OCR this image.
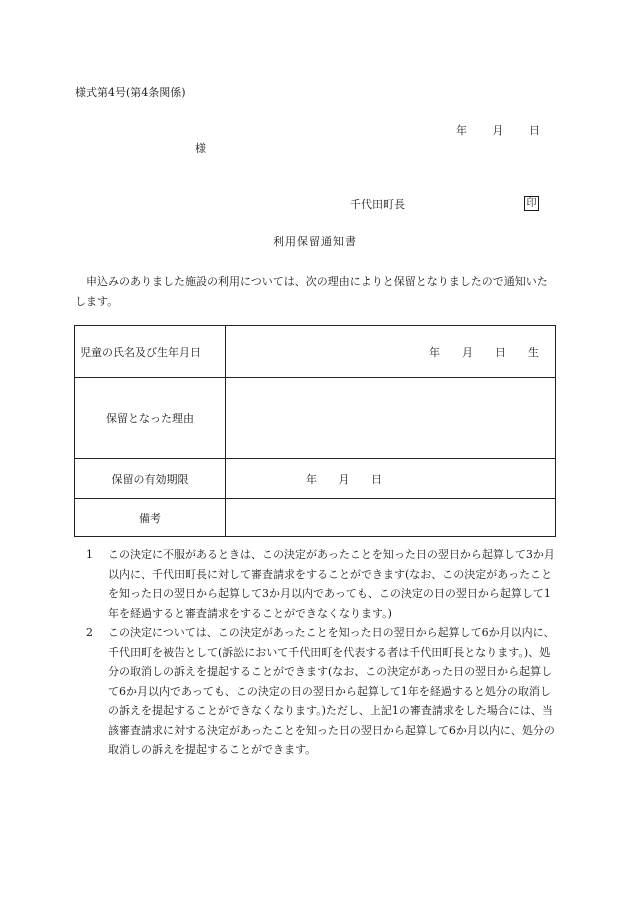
様式第4号(第4条関係)
年 月 日
様
千代田町長	印
利用保留通知書
申込みのありました施設の利用については、次の理由によりと保留となりましたので通知いたします。
児童の氏名及び生年月日	年 月 日 生

保留となった理由	
保留の有効期限	年 月 日

備考	
1	この決定に不服があるときは、この決定があったことを知った日の翌日から起算して3か月以内に、千代田町長に対して審査請求をすることができます(なお、この決定があったことを知った日の翌日から起算して3か月以内であっても、この決定の日の翌日から起算して1年を経過すると審査請求をすることができなくなります。)
2	この決定については、この決定があったことを知った日の翌日から起算して6か月以内に、千代田町を被告として(訴訟において千代田町を代表する者は千代田町長となります。)、処分の取消しの訴えを提起することができます(なお、この決定があった日の翌日から起算して6か月以内であっても、この決定の日の翌日から起算して1年を経過すると処分の取消しの訴えを提起することができなくなります。)ただし、上記1の審査請求をした場合には、当該審査請求に対する決定があったことを知った日の翌日から起算して6か月以内に、処分の取消しの訴えを提起することができます。
